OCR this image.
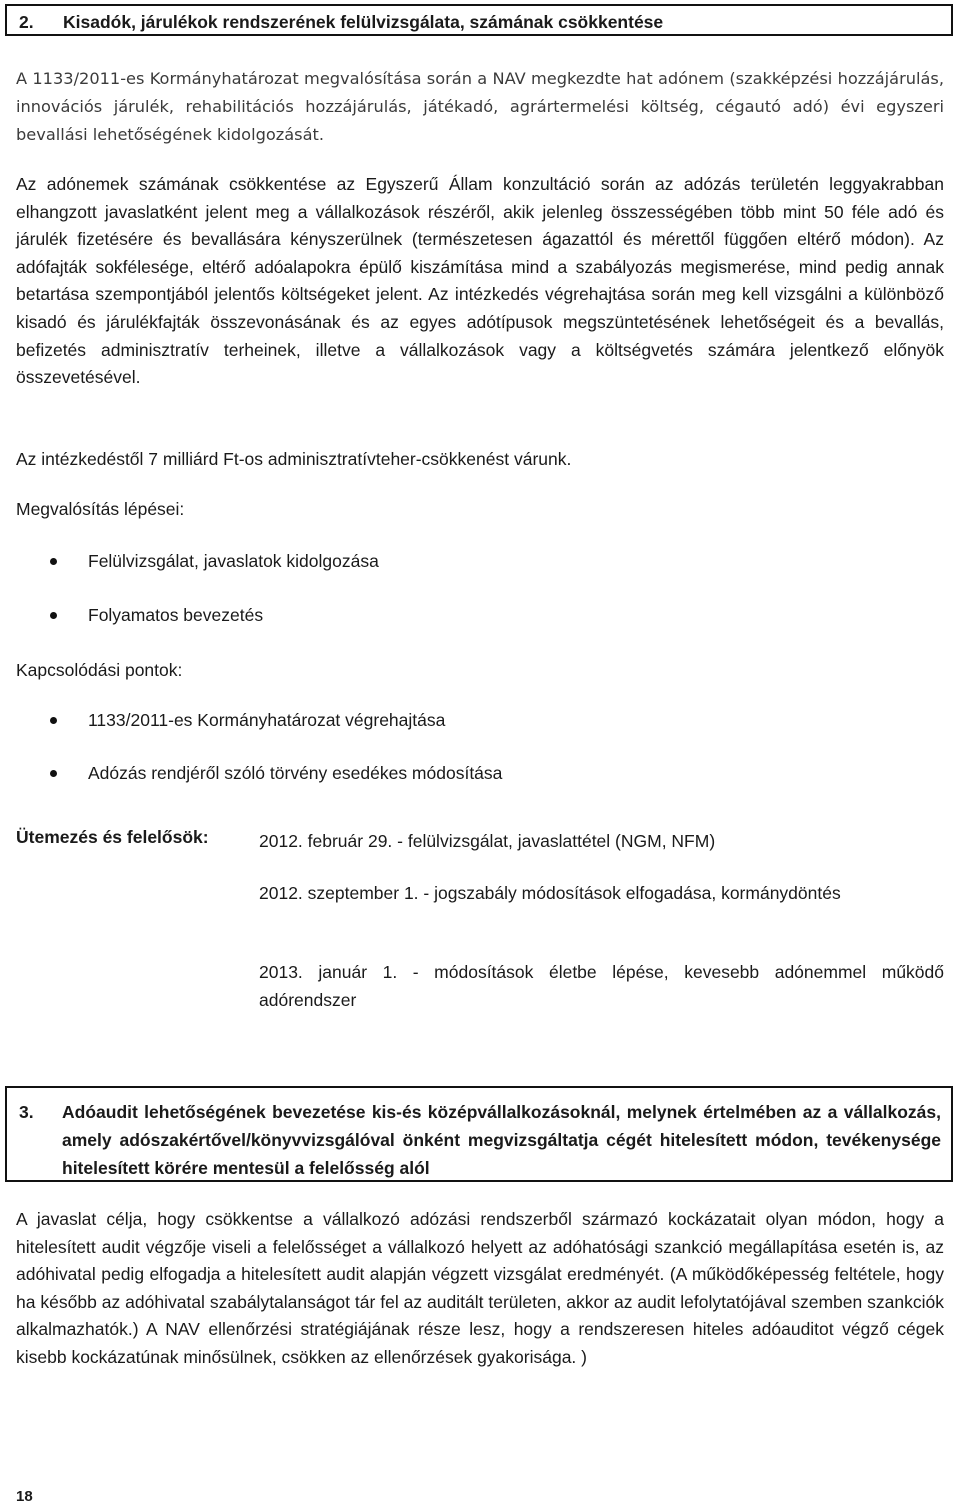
2. Kisadók, járulékok rendszerének felülvizsgálata, számának csökkentése

A 1133/2011-es Kormányhatározat megvalósítása során a NAV megkezdte hat adónem (szakképzési hozzájárulás, innovációs járulék, rehabilitációs hozzájárulás, játékadó, agrártermelési költség, cégautó adó) évi egyszeri bevallási lehetőségének kidolgozását.

Az adónemek számának csökkentése az Egyszerű Állam konzultáció során az adózás területén leggyakrabban elhangzott javaslatként jelent meg a vállalkozások részéről, akik jelenleg összességében több mint 50 féle adó és járulék fizetésére és bevallására kényszerülnek (természetesen ágazattól és mérettől függően eltérő módon). Az adófajták sokfélesége, eltérő adóalapokra épülő kiszámítása mind a szabályozás megismerése, mind pedig annak betartása szempontjából jelentős költségeket jelent. Az intézkedés végrehajtása során meg kell vizsgálni a különböző kisadó és járulékfajták összevonásának és az egyes adótípusok megszüntetésének lehetőségeit és a bevallás, befizetés adminisztratív terheinek, illetve a vállalkozások vagy a költségvetés számára jelentkező előnyök összevetésével.

Az intézkedéstől 7 milliárd Ft-os adminisztratívteher-csökkenést várunk.

Megvalósítás lépései:

Felülvizsgálat, javaslatok kidolgozása
Folyamatos bevezetés

Kapcsolódási pontok:

1133/2011-es Kormányhatározat végrehajtása
Adózás rendjéről szóló törvény esedékes módosítása
Ütemezés és felelősök:	2012. február 29. - felülvizsgálat, javaslattétel (NGM, NFM)
2012. szeptember 1. - jogszabály módosítások elfogadása, kormánydöntés
2013. január 1. - módosítások életbe lépése, kevesebb adónemmel működő adórendszer
3.	Adóaudit lehetőségének bevezetése kis-és középvállalkozásoknál, melynek értelmében az a vállalkozás, amely adószakértővel/könyvvizsgálóval önként megvizsgáltatja cégét hitelesített módon, tevékenysége hitelesített körére mentesül a felelősség alól

A javaslat célja, hogy csökkentse a vállalkozó adózási rendszerből származó kockázatait olyan módon, hogy a hitelesített audit végzője viseli a felelősséget a vállalkozó helyett az adóhatósági szankció megállapítása esetén is, az adóhivatal pedig elfogadja a hitelesített audit alapján végzett vizsgálat eredményét. (A működőképesség feltétele, hogy ha később az adóhivatal szabálytalanságot tár fel az auditált területen, akkor az audit lefolytatójával szemben szankciók alkalmazhatók.) A NAV ellenőrzési stratégiájának része lesz, hogy a rendszeresen hiteles adóauditot végző cégek kisebb kockázatúnak minősülnek, csökken az ellenőrzések gyakorisága. )

18
